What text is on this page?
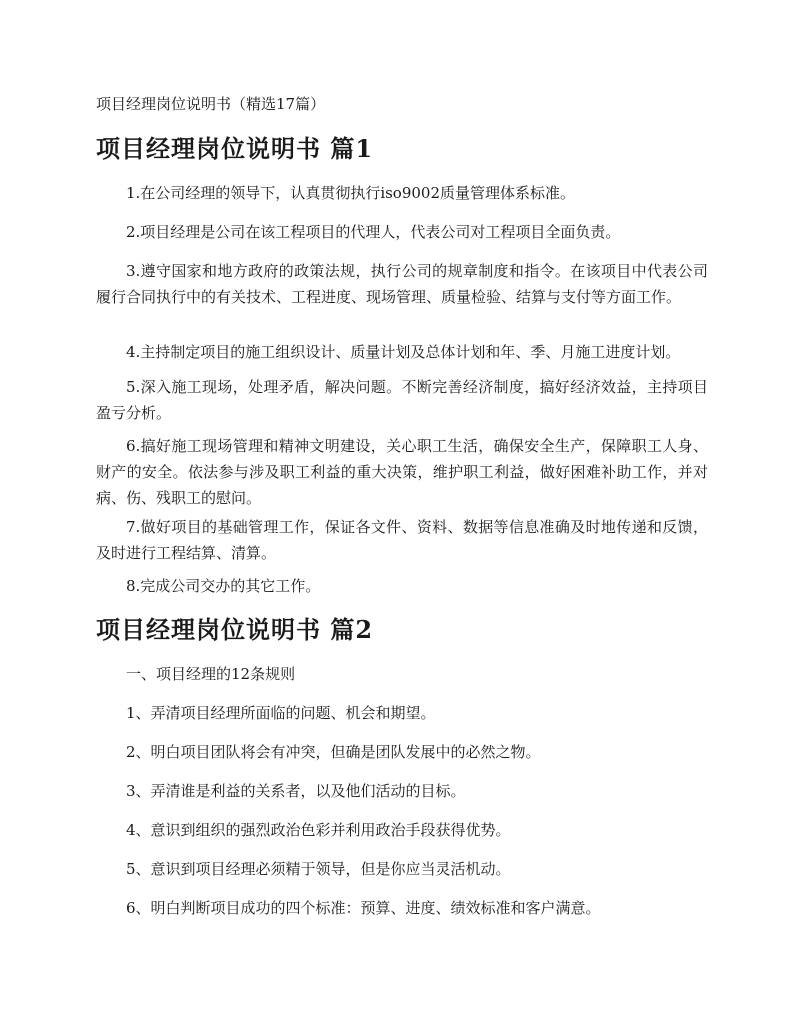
项目经理岗位说明书（精选17篇）
项目经理岗位说明书 篇1
1.在公司经理的领导下，认真贯彻执行iso9002质量管理体系标准。
2.项目经理是公司在该工程项目的代理人，代表公司对工程项目全面负责。
3.遵守国家和地方政府的政策法规，执行公司的规章制度和指令。在该项目中代表公司履行合同执行中的有关技术、工程进度、现场管理、质量检验、结算与支付等方面工作。
4.主持制定项目的施工组织设计、质量计划及总体计划和年、季、月施工进度计划。
5.深入施工现场，处理矛盾，解决问题。不断完善经济制度，搞好经济效益，主持项目盈亏分析。
6.搞好施工现场管理和精神文明建设，关心职工生活，确保安全生产，保障职工人身、财产的安全。依法参与涉及职工利益的重大决策，维护职工利益，做好困难补助工作，并对病、伤、残职工的慰问。
7.做好项目的基础管理工作，保证各文件、资料、数据等信息准确及时地传递和反馈，及时进行工程结算、清算。
8.完成公司交办的其它工作。
项目经理岗位说明书 篇2
一、项目经理的12条规则
1、弄清项目经理所面临的问题、机会和期望。
2、明白项目团队将会有冲突，但确是团队发展中的必然之物。
3、弄清谁是利益的关系者，以及他们活动的目标。
4、意识到组织的强烈政治色彩并利用政治手段获得优势。
5、意识到项目经理必须精于领导，但是你应当灵活机动。
6、明白判断项目成功的四个标准：预算、进度、绩效标准和客户满意。
